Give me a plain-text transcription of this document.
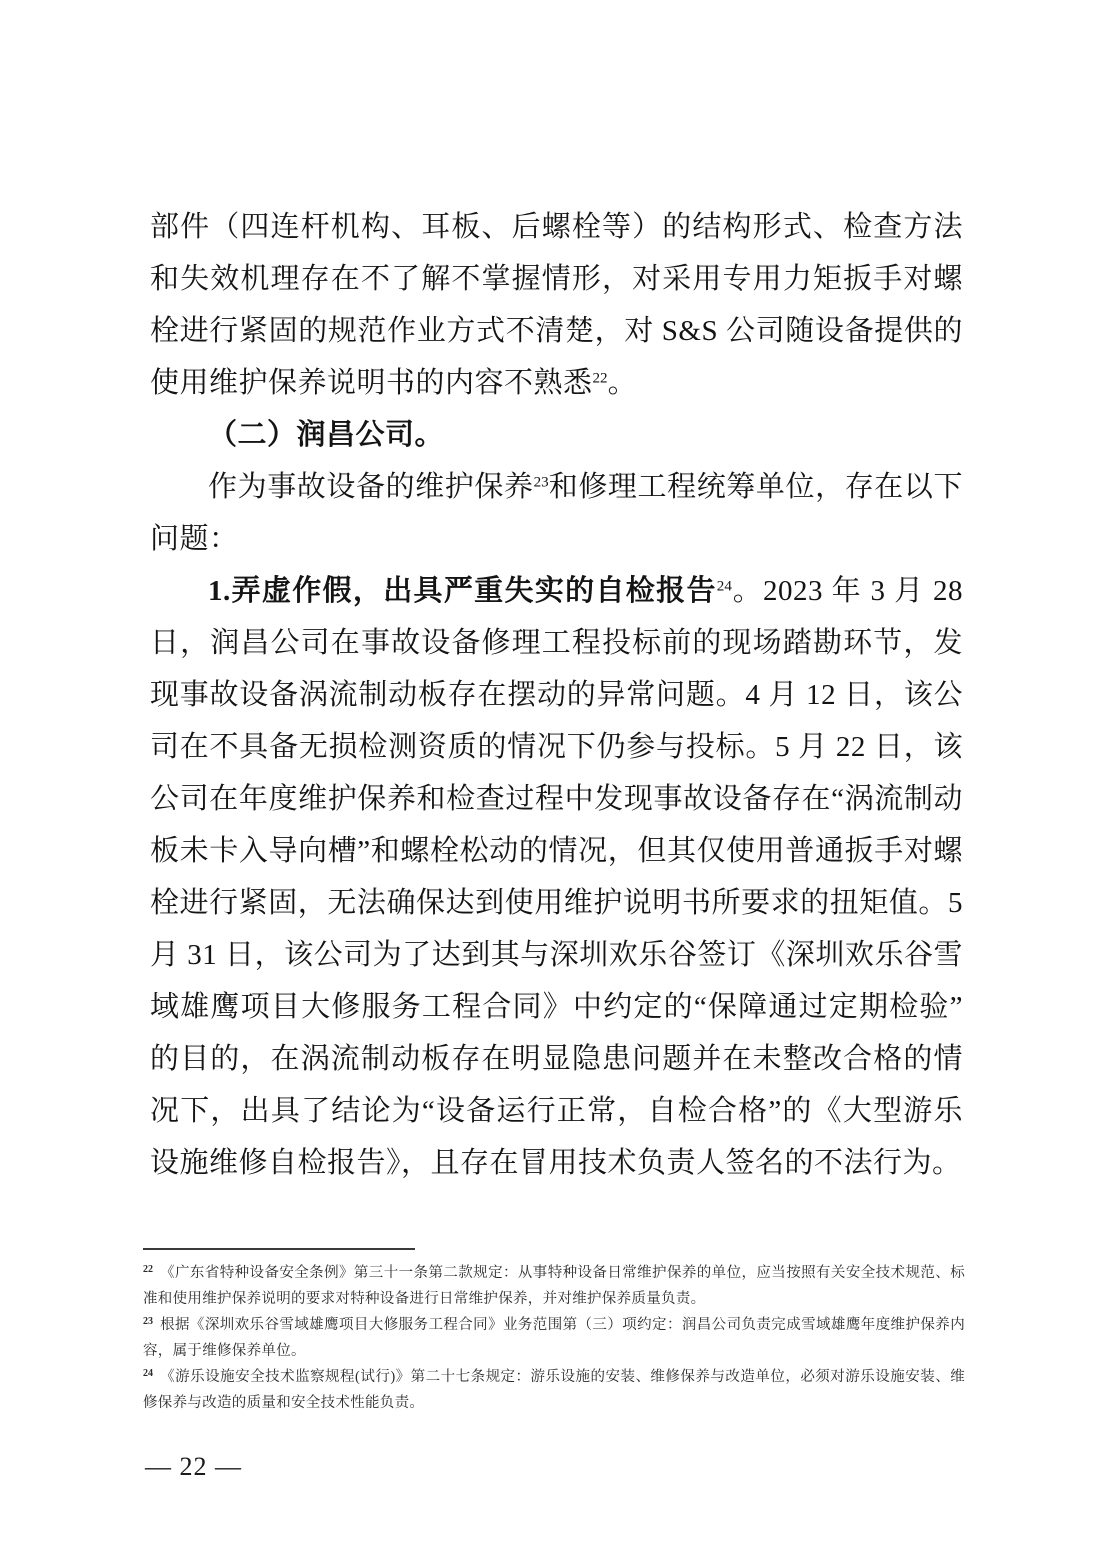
部件（四连杆机构、耳板、后螺栓等）的结构形式、检查方法和失效机理存在不了解不掌握情形，对采用专用力矩扳手对螺栓进行紧固的规范作业方式不清楚，对 S&S 公司随设备提供的使用维护保养说明书的内容不熟悉$^{22}$。

（二）润昌公司。

作为事故设备的维护保养$^{23}$和修理工程统筹单位，存在以下问题：

1.弄虚作假，出具严重失实的自检报告$^{24}$。2023 年 3 月 28 日，润昌公司在事故设备修理工程投标前的现场踏勘环节，发现事故设备涡流制动板存在摆动的异常问题。4 月 12 日，该公司在不具备无损检测资质的情况下仍参与投标。5 月 22 日，该公司在年度维护保养和检查过程中发现事故设备存在“涡流制动板未卡入导向槽”和螺栓松动的情况，但其仅使用普通扳手对螺栓进行紧固，无法确保达到使用维护说明书所要求的扭矩值。5 月 31 日，该公司为了达到其与深圳欢乐谷签订《深圳欢乐谷雪域雄鹰项目大修服务工程合同》中约定的“保障通过定期检验”的目的，在涡流制动板存在明显隐患问题并在未整改合格的情况下，出具了结论为“设备运行正常，自检合格”的《大型游乐设施维修自检报告》，且存在冒用技术负责人签名的不法行为。

$^{22}$ 《广东省特种设备安全条例》第三十一条第二款规定：从事特种设备日常维护保养的单位，应当按照有关安全技术规范、标准和使用维护保养说明的要求对特种设备进行日常维护保养，并对维护保养质量负责。
$^{23}$ 根据《深圳欢乐谷雪域雄鹰项目大修服务工程合同》业务范围第（三）项约定：润昌公司负责完成雪域雄鹰年度维护保养内容，属于维修保养单位。
$^{24}$ 《游乐设施安全技术监察规程(试行)》第二十七条规定：游乐设施的安装、维修保养与改造单位，必须对游乐设施安装、维修保养与改造的质量和安全技术性能负责。
— 22 —
